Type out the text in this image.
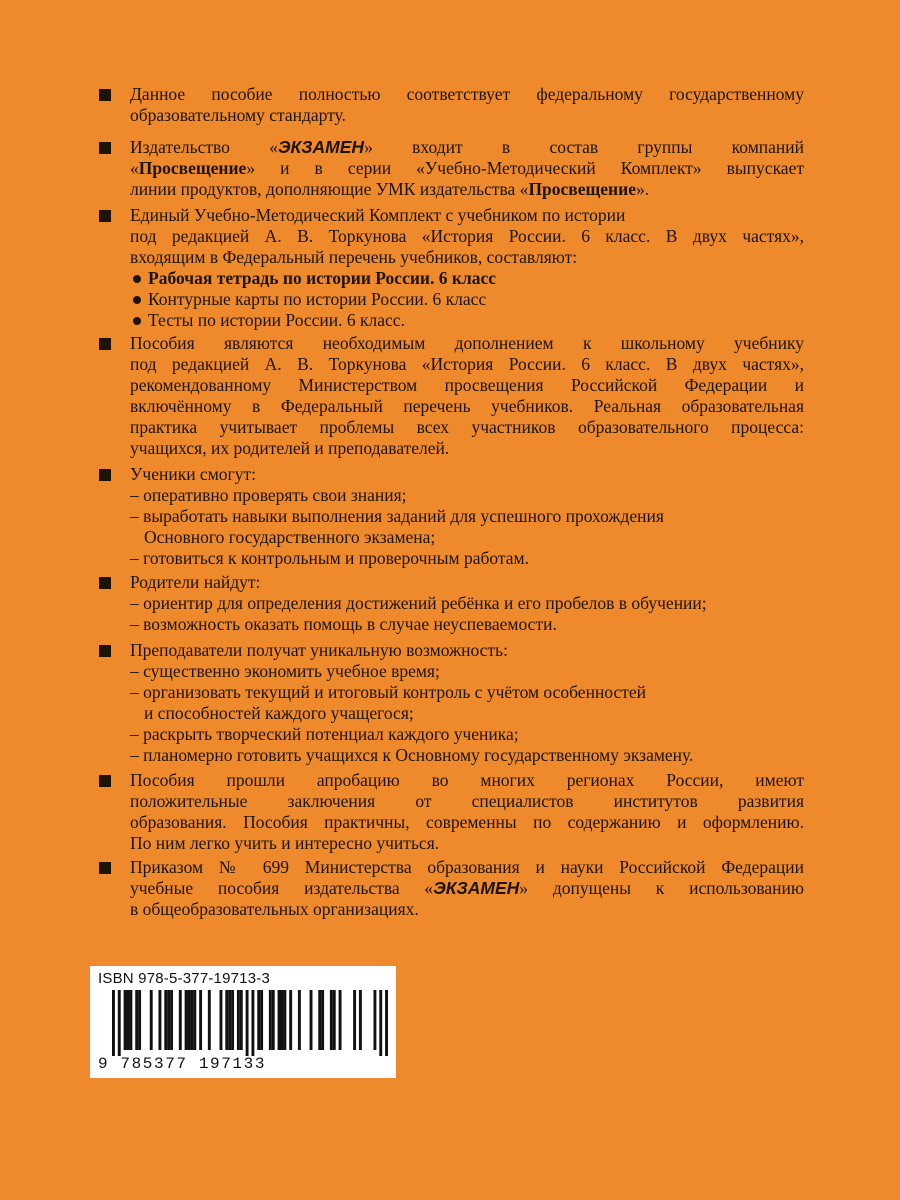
Данное пособие полностью соответствует федеральному государственному
образовательному стандарту.
Издательство «ЭКЗАМЕН» входит в состав группы компаний
«Просвещение» и в серии «Учебно-Методический Комплект» выпускает
линии продуктов, дополняющие УМК издательства «Просвещение».
Единый Учебно-Методический Комплект с учебником по истории
под редакцией А. В. Торкунова «История России. 6 класс. В двух частях»,
входящим в Федеральный перечень учебников, составляют:
Рабочая тетрадь по истории России. 6 класс
Контурные карты по истории России. 6 класс
Тесты по истории России. 6 класс.
Пособия являются необходимым дополнением к школьному учебнику
под редакцией А. В. Торкунова «История России. 6 класс. В двух частях»,
рекомендованному Министерством просвещения Российской Федерации и
включённому в Федеральный перечень учебников. Реальная образовательная
практика учитывает проблемы всех участников образовательного процесса:
учащихся, их родителей и преподавателей.
Ученики смогут:
– оперативно проверять свои знания;
– выработать навыки выполнения заданий для успешного прохождения
Основного государственного экзамена;
– готовиться к контрольным и проверочным работам.
Родители найдут:
– ориентир для определения достижений ребёнка и его пробелов в обучении;
– возможность оказать помощь в случае неуспеваемости.
Преподаватели получат уникальную возможность:
– существенно экономить учебное время;
– организовать текущий и итоговый контроль с учётом особенностей
и способностей каждого учащегося;
– раскрыть творческий потенциал каждого ученика;
– планомерно готовить учащихся к Основному государственному экзамену.
Пособия прошли апробацию во многих регионах России, имеют
положительные заключения от специалистов институтов развития
образования. Пособия практичны, современны по содержанию и оформлению.
По ним легко учить и интересно учиться.
Приказом № 699 Министерства образования и науки Российской Федерации
учебные пособия издательства «ЭКЗАМЕН» допущены к использованию
в общеобразовательных организациях.
ISBN 978-5-377-19713-3
9 785377 197133
